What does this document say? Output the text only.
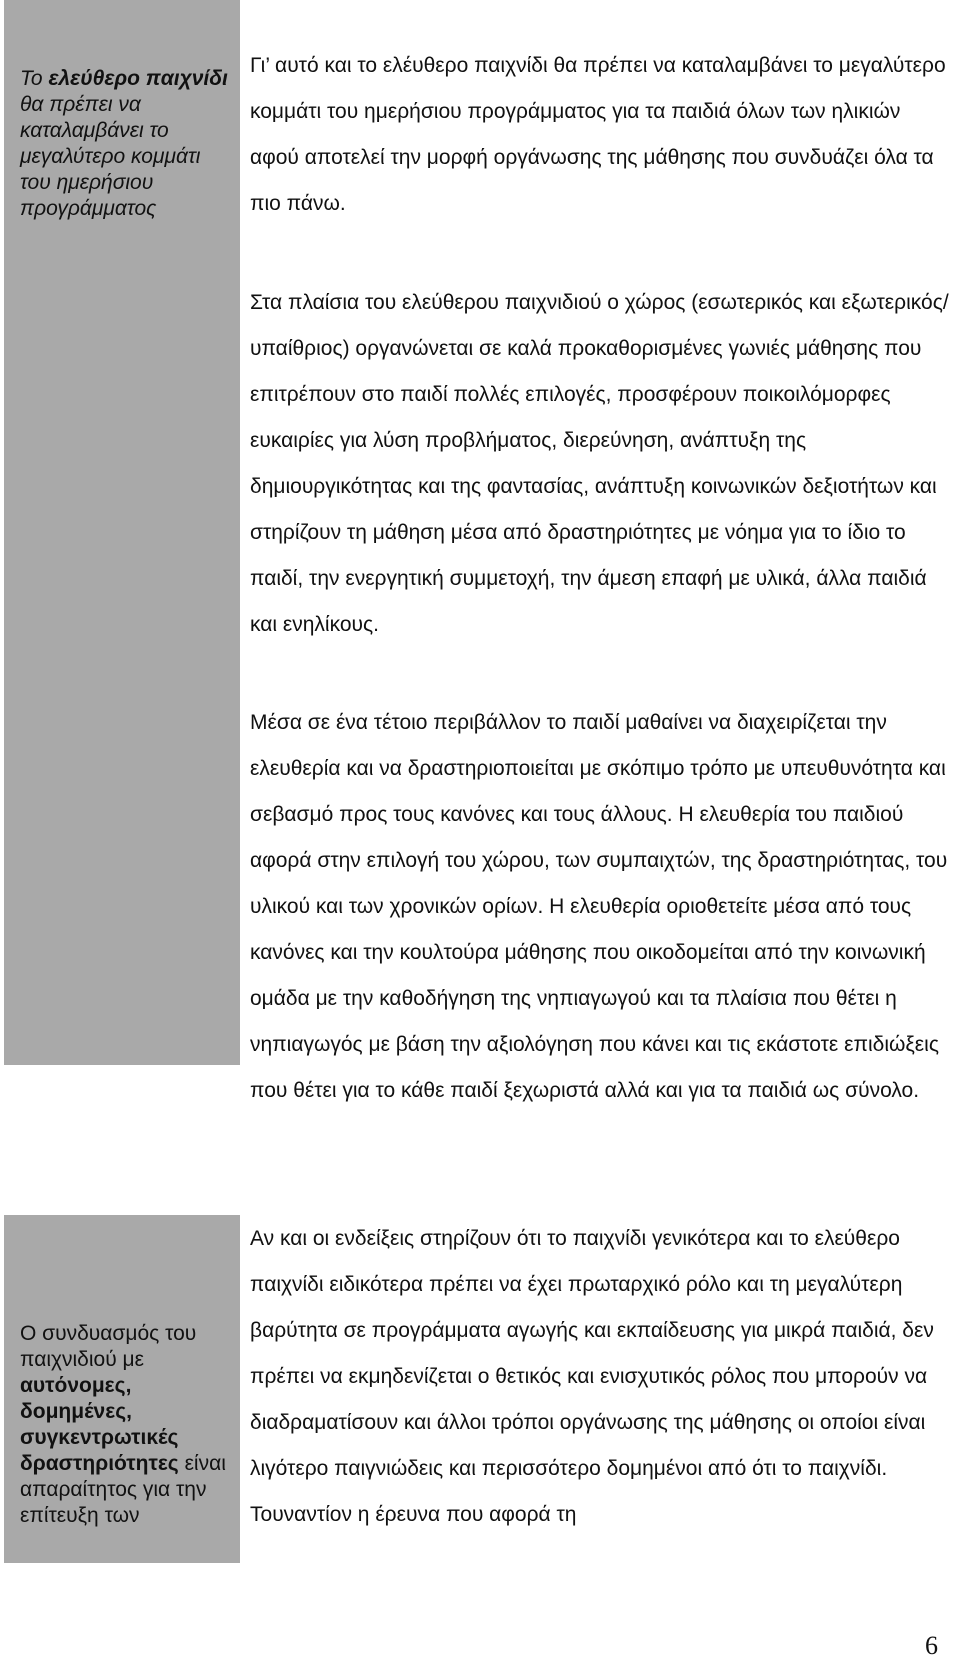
Το ελεύθερο παιχνίδι θα πρέπει να καταλαμβάνει το μεγαλύτερο κομμάτι του ημερήσιου προγράμματος
Ο συνδυασμός του παιχνιδιού με αυτόνομες, δομημένες, συγκεντρωτικές δραστηριότητες είναι απαραίτητος για την επίτευξη των

Γι’ αυτό και το ελέυθερο παιχνίδι θα πρέπει να καταλαμβάνει το μεγαλύτερο κομμάτι του ημερήσιου προγράμματος για τα παιδιά όλων των ηλικιών αφού αποτελεί την μορφή οργάνωσης της μάθησης που συνδυάζει όλα τα πιο πάνω.

Στα πλαίσια του ελεύθερου παιχνιδιού ο χώρος (εσωτερικός και εξωτερικός/υπαίθριος) οργανώνεται σε καλά προκαθορισμένες γωνιές μάθησης που επιτρέπουν στο παιδί πολλές επιλογές, προσφέρουν ποικοιλόμορφες ευκαιρίες για λύση προβλήματος, διερεύνηση, ανάπτυξη της δημιουργικότητας και της φαντασίας, ανάπτυξη κοινωνικών δεξιοτήτων και στηρίζουν τη μάθηση μέσα από δραστηριότητες με νόημα για το ίδιο το παιδί, την ενεργητική συμμετοχή, την άμεση επαφή με υλικά, άλλα παιδιά και ενηλίκους.

Μέσα σε ένα τέτοιο περιβάλλον το παιδί μαθαίνει να διαχειρίζεται την ελευθερία και να δραστηριοποιείται με σκόπιμο τρόπο με υπευθυνότητα και σεβασμό προς τους κανόνες και τους άλλους. Η ελευθερία του παιδιού αφορά στην επιλογή του χώρου, των συμπαιχτών, της δραστηριότητας, του υλικού και των χρονικών ορίων. Η ελευθερία οριοθετείτε μέσα από τους κανόνες και την κουλτούρα μάθησης που οικοδομείται από την κοινωνική ομάδα με την καθοδήγηση της νηπιαγωγού και τα πλαίσια που θέτει η νηπιαγωγός με βάση την αξιολόγηση που κάνει και τις εκάστοτε επιδιώξεις που θέτει για το κάθε παιδί ξεχωριστά αλλά και για τα παιδιά ως σύνολο.

Αν και οι ενδείξεις στηρίζουν ότι το παιχνίδι γενικότερα και το ελεύθερο παιχνίδι ειδικότερα πρέπει να έχει πρωταρχικό ρόλο και τη μεγαλύτερη βαρύτητα σε προγράμματα αγωγής και εκπαίδευσης για μικρά παιδιά, δεν πρέπει να εκμηδενίζεται ο θετικός και ενισχυτικός ρόλος που μπορούν να διαδραματίσουν και άλλοι τρόποι οργάνωσης της μάθησης οι οποίοι είναι λιγότερο παιγνιώδεις και περισσότερο δομημένοι από ότι το παιχνίδι. Τουναντίον η έρευνα που αφορά τη

6
